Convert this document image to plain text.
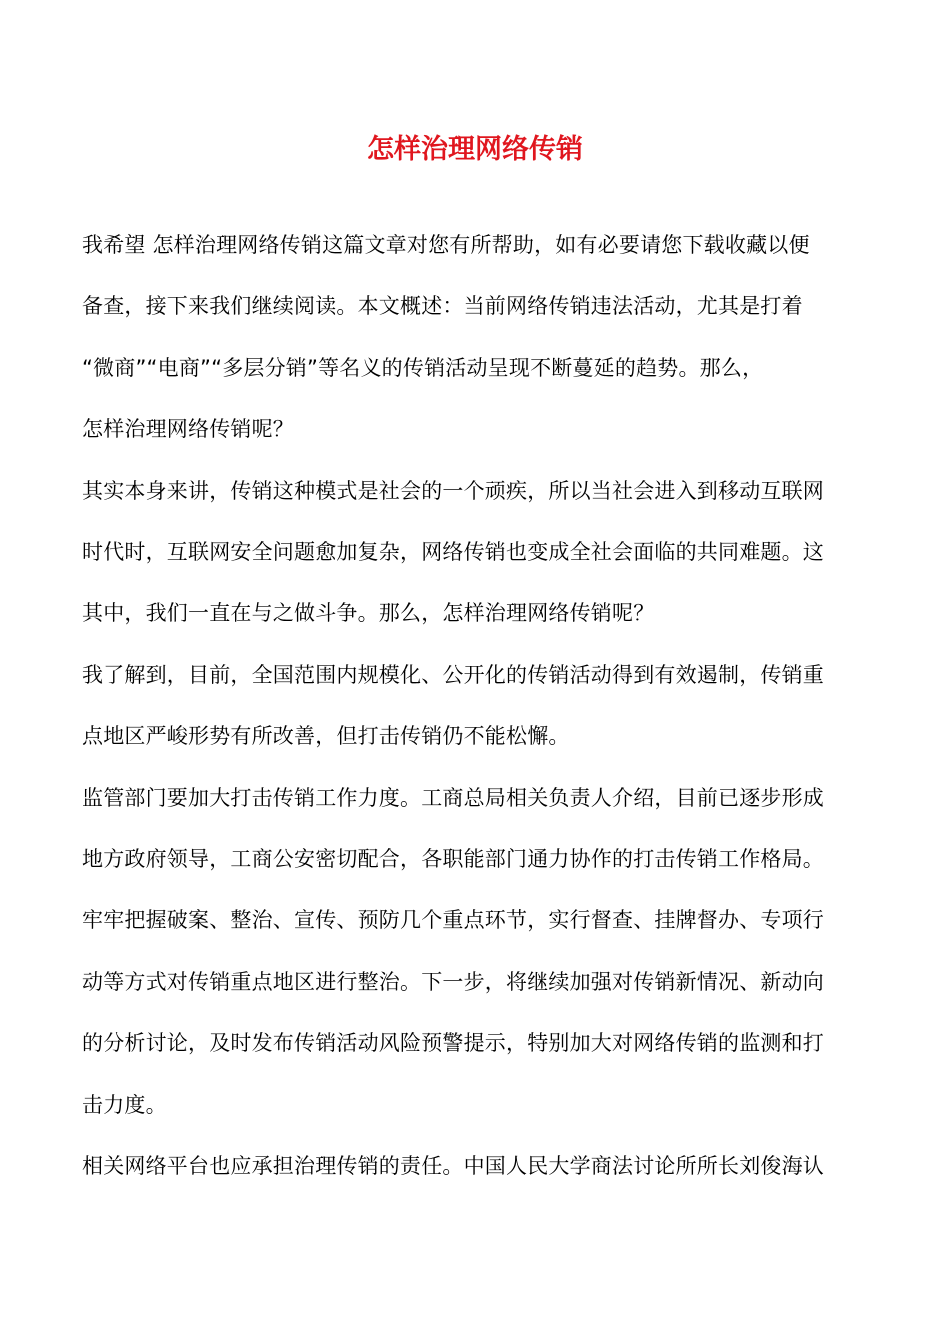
怎样治理网络传销

我希望 怎样治理网络传销这篇文章对您有所帮助，如有必要请您下载收藏以便
备查，接下来我们继续阅读。本文概述：当前网络传销违法活动，尤其是打着
“微商”“电商”“多层分销”等名义的传销活动呈现不断蔓延的趋势。那么，
怎样治理网络传销呢？

其实本身来讲，传销这种模式是社会的一个顽疾，所以当社会进入到移动互联网
时代时，互联网安全问题愈加复杂，网络传销也变成全社会面临的共同难题。这
其中，我们一直在与之做斗争。那么，怎样治理网络传销呢？

我了解到，目前，全国范围内规模化、公开化的传销活动得到有效遏制，传销重
点地区严峻形势有所改善，但打击传销仍不能松懈。

监管部门要加大打击传销工作力度。工商总局相关负责人介绍，目前已逐步形成
地方政府领导，工商公安密切配合，各职能部门通力协作的打击传销工作格局。
牢牢把握破案、整治、宣传、预防几个重点环节，实行督查、挂牌督办、专项行
动等方式对传销重点地区进行整治。下一步，将继续加强对传销新情况、新动向
的分析讨论，及时发布传销活动风险预警提示，特别加大对网络传销的监测和打
击力度。

相关网络平台也应承担治理传销的责任。中国人民大学商法讨论所所长刘俊海认
